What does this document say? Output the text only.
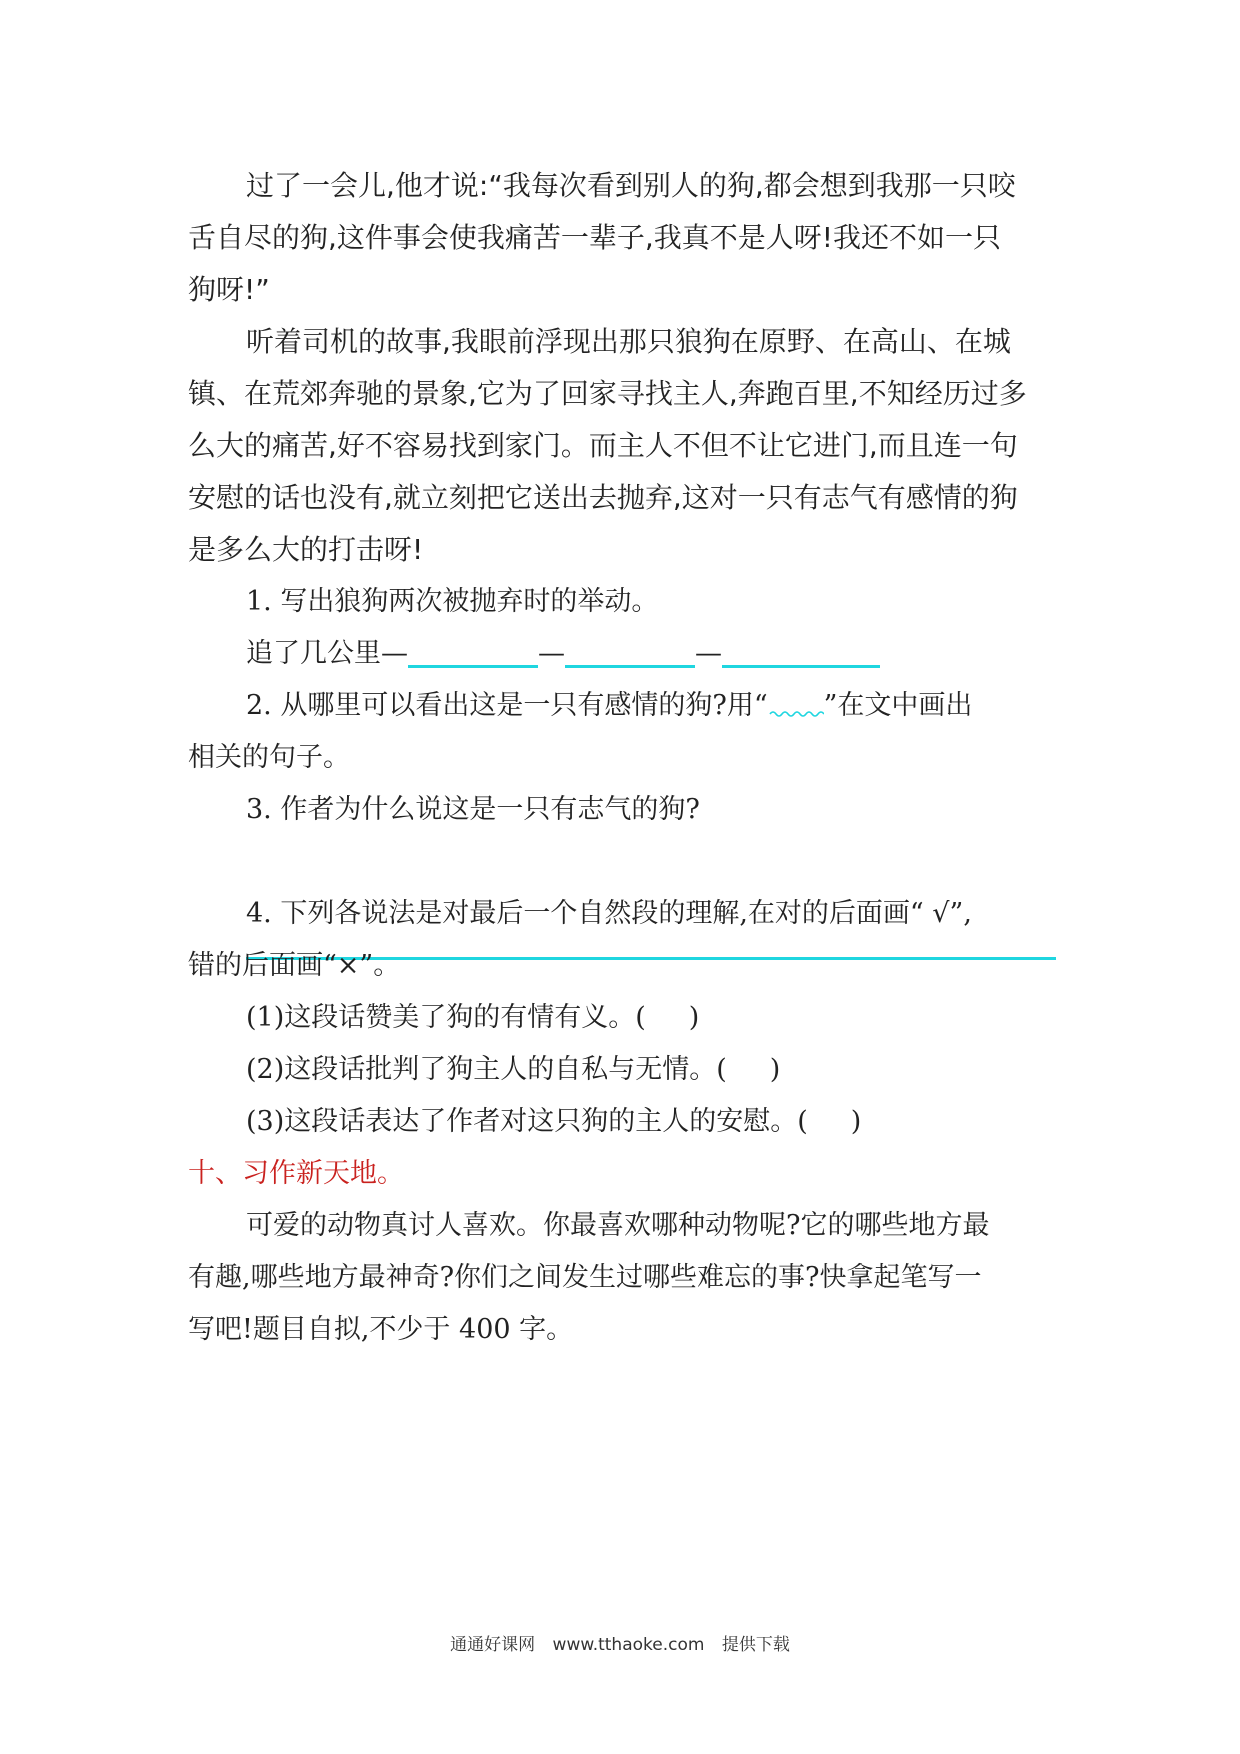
过了一会儿,他才说:“我每次看到别人的狗,都会想到我那一只咬
舌自尽的狗,这件事会使我痛苦一辈子,我真不是人呀!我还不如一只
狗呀!”
听着司机的故事,我眼前浮现出那只狼狗在原野、在高山、在城
镇、在荒郊奔驰的景象,它为了回家寻找主人,奔跑百里,不知经历过多
么大的痛苦,好不容易找到家门。而主人不但不让它进门,而且连一句
安慰的话也没有,就立刻把它送出去抛弃,这对一只有志气有感情的狗
是多么大的打击呀!
1. 写出狼狗两次被抛弃时的举动。
追了几公里—	—	—
2. 从哪里可以看出这是一只有感情的狗?用“ ”在文中画出
相关的句子。
3. 作者为什么说这是一只有志气的狗?
4. 下列各说法是对最后一个自然段的理解,在对的后面画“ √”,
错的后面画“×”。
(1)这段话赞美了狗的有情有义。( )
(2)这段话批判了狗主人的自私与无情。( )
(3)这段话表达了作者对这只狗的主人的安慰。( )
十、习作新天地。
可爱的动物真讨人喜欢。你最喜欢哪种动物呢?它的哪些地方最
有趣,哪些地方最神奇?你们之间发生过哪些难忘的事?快拿起笔写一
写吧!题目自拟,不少于 400 字。
通通好课网 www.tthaoke.com 提供下载
